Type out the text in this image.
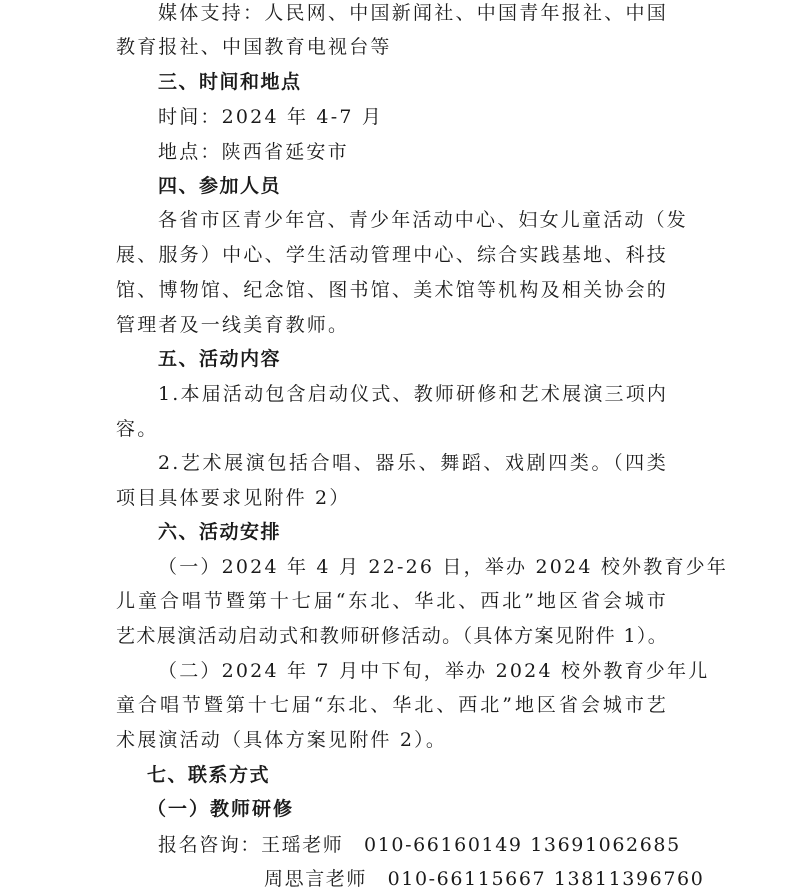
媒体支持：人民网、中国新闻社、中国青年报社、中国
教育报社、中国教育电视台等
三、时间和地点
时间：2024 年 4-7 月
地点：陕西省延安市
四、参加人员
各省市区青少年宫、青少年活动中心、妇女儿童活动（发
展、服务）中心、学生活动管理中心、综合实践基地、科技
馆、博物馆、纪念馆、图书馆、美术馆等机构及相关协会的
管理者及一线美育教师。
五、活动内容
1.本届活动包含启动仪式、教师研修和艺术展演三项内
容。
2.艺术展演包括合唱、器乐、舞蹈、戏剧四类。（四类
项目具体要求见附件 2）
六、活动安排
（一）2024 年 4 月 22-26 日，举办 2024 校外教育少年
儿童合唱节暨第十七届“东北、华北、西北”地区省会城市
艺术展演活动启动式和教师研修活动。（具体方案见附件 1）。
（二）2024 年 7 月中下旬，举办 2024 校外教育少年儿
童合唱节暨第十七届“东北、华北、西北”地区省会城市艺
术展演活动（具体方案见附件 2）。
七、联系方式
（一）教师研修
报名咨询：王瑶老师　010-66160149 13691062685
周思言老师　010-66115667 13811396760
